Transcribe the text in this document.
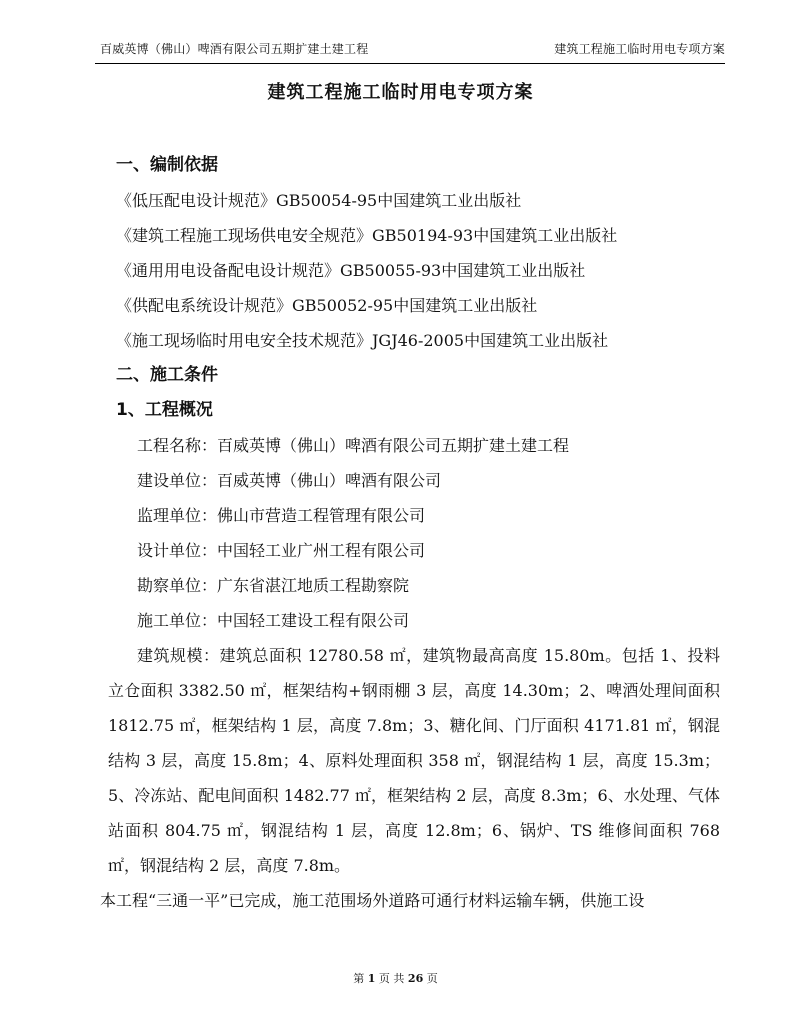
百威英博（佛山）啤酒有限公司五期扩建土建工程	建筑工程施工临时用电专项方案
建筑工程施工临时用电专项方案

一、编制依据

《低压配电设计规范》GB50054-95中国建筑工业出版社

《建筑工程施工现场供电安全规范》GB50194-93中国建筑工业出版社

《通用用电设备配电设计规范》GB50055-93中国建筑工业出版社

《供配电系统设计规范》GB50052-95中国建筑工业出版社

《施工现场临时用电安全技术规范》JGJ46-2005中国建筑工业出版社

二、施工条件

1、工程概况

工程名称：百威英博（佛山）啤酒有限公司五期扩建土建工程

建设单位：百威英博（佛山）啤酒有限公司

监理单位：佛山市营造工程管理有限公司

设计单位：中国轻工业广州工程有限公司

勘察单位：广东省湛江地质工程勘察院

施工单位：中国轻工建设工程有限公司

建筑规模：建筑总面积 12780.58 ㎡，建筑物最高高度 15.80m。包括 1、投料立仓面积 3382.50 ㎡，框架结构+钢雨棚 3 层，高度 14.30m；2、啤酒处理间面积 1812.75 ㎡，框架结构 1 层，高度 7.8m；3、糖化间、门厅面积 4171.81 ㎡，钢混结构 3 层，高度 15.8m；4、原料处理面积 358 ㎡，钢混结构 1 层，高度 15.3m；5、冷冻站、配电间面积 1482.77 ㎡，框架结构 2 层，高度 8.3m；6、水处理、气体站面积 804.75 ㎡，钢混结构 1 层，高度 12.8m；6、锅炉、TS 维修间面积 768 ㎡，钢混结构 2 层，高度 7.8m。

本工程“三通一平”已完成，施工范围场外道路可通行材料运输车辆，供施工设

第 1 页 共 26 页
